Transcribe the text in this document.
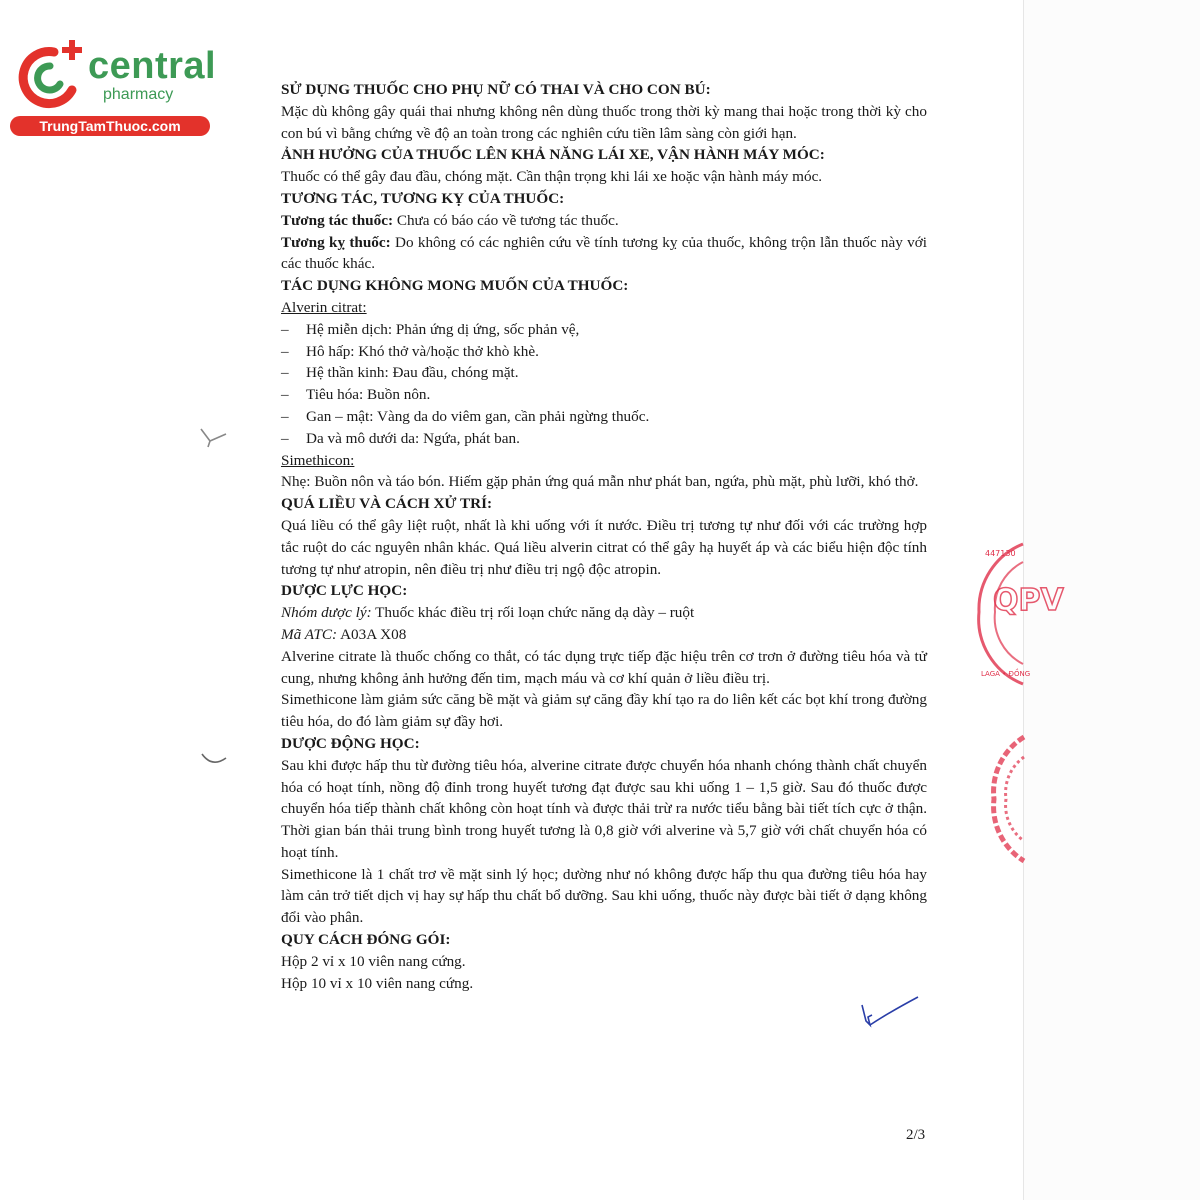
central
pharmacy
TrungTamThuoc.com

SỬ DỤNG THUỐC CHO PHỤ NỮ CÓ THAI VÀ CHO CON BÚ:

Mặc dù không gây quái thai nhưng không nên dùng thuốc trong thời kỳ mang thai hoặc trong thời kỳ cho con bú vì bằng chứng về độ an toàn trong các nghiên cứu tiền lâm sàng còn giới hạn.

ẢNH HƯỞNG CỦA THUỐC LÊN KHẢ NĂNG LÁI XE, VẬN HÀNH MÁY MÓC:

Thuốc có thể gây đau đầu, chóng mặt. Cần thận trọng khi lái xe hoặc vận hành máy móc.

TƯƠNG TÁC, TƯƠNG KỴ CỦA THUỐC:

Tương tác thuốc: Chưa có báo cáo về tương tác thuốc.

Tương kỵ thuốc: Do không có các nghiên cứu về tính tương kỵ của thuốc, không trộn lẫn thuốc này với các thuốc khác.

TÁC DỤNG KHÔNG MONG MUỐN CỦA THUỐC:

Alverin citrat:

– Hệ miễn dịch: Phản ứng dị ứng, sốc phản vệ,

– Hô hấp: Khó thở và/hoặc thở khò khè.

– Hệ thần kinh: Đau đầu, chóng mặt.

– Tiêu hóa: Buồn nôn.

– Gan – mật: Vàng da do viêm gan, cần phải ngừng thuốc.

– Da và mô dưới da: Ngứa, phát ban.

Simethicon:

Nhẹ: Buồn nôn và táo bón. Hiếm gặp phản ứng quá mẫn như phát ban, ngứa, phù mặt, phù lưỡi, khó thở.

QUÁ LIỀU VÀ CÁCH XỬ TRÍ:

Quá liều có thể gây liệt ruột, nhất là khi uống với ít nước. Điều trị tương tự như đối với các trường hợp tắc ruột do các nguyên nhân khác. Quá liều alverin citrat có thể gây hạ huyết áp và các biểu hiện độc tính tương tự như atropin, nên điều trị như điều trị ngộ độc atropin.

DƯỢC LỰC HỌC:

Nhóm dược lý: Thuốc khác điều trị rối loạn chức năng dạ dày – ruột

Mã ATC: A03A X08

Alverine citrate là thuốc chống co thắt, có tác dụng trực tiếp đặc hiệu trên cơ trơn ở đường tiêu hóa và tử cung, nhưng không ảnh hưởng đến tim, mạch máu và cơ khí quản ở liều điều trị.

Simethicone làm giảm sức căng bề mặt và giảm sự căng đầy khí tạo ra do liên kết các bọt khí trong đường tiêu hóa, do đó làm giảm sự đầy hơi.

DƯỢC ĐỘNG HỌC:

Sau khi được hấp thu từ đường tiêu hóa, alverine citrate được chuyển hóa nhanh chóng thành chất chuyển hóa có hoạt tính, nồng độ đỉnh trong huyết tương đạt được sau khi uống 1 – 1,5 giờ. Sau đó thuốc được chuyển hóa tiếp thành chất không còn hoạt tính và được thải trừ ra nước tiểu bằng bài tiết tích cực ở thận. Thời gian bán thải trung bình trong huyết tương là 0,8 giờ với alverine và 5,7 giờ với chất chuyển hóa có hoạt tính.

Simethicone là 1 chất trơ về mặt sinh lý học; dường như nó không được hấp thu qua đường tiêu hóa hay làm cản trở tiết dịch vị hay sự hấp thu chất bổ dưỡng. Sau khi uống, thuốc này được bài tiết ở dạng không đổi vào phân.

QUY CÁCH ĐÓNG GÓI:

Hộp 2 vỉ x 10 viên nang cứng.

Hộp 10 vỉ x 10 viên nang cứng.

2/3
447130
QPV
LAGA • ĐỒNG
